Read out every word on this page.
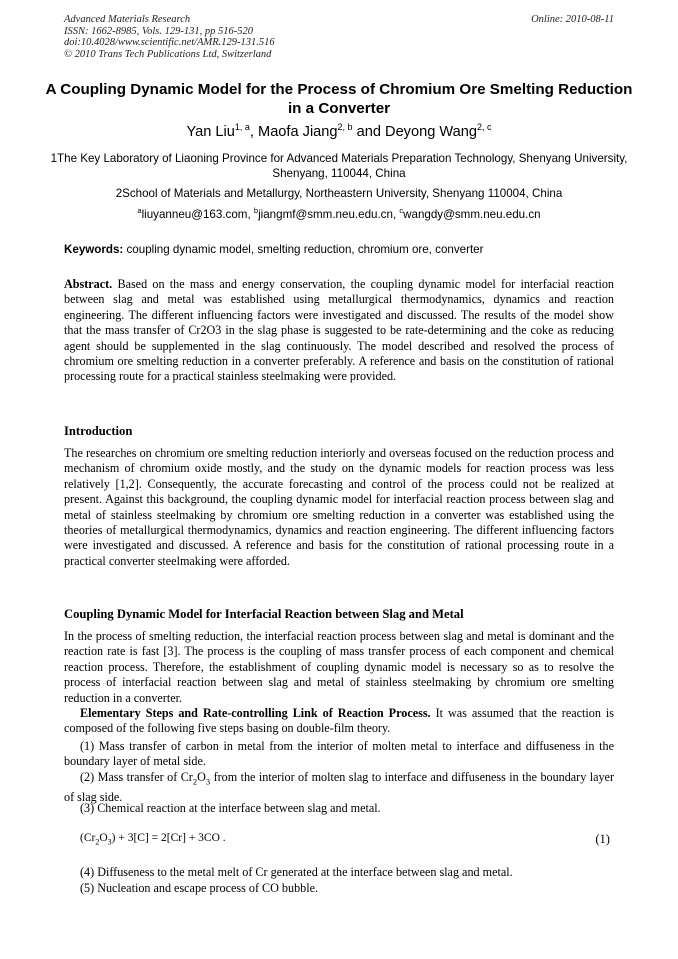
Advanced Materials Research
ISSN: 1662-8985, Vols. 129-131, pp 516-520
doi:10.4028/www.scientific.net/AMR.129-131.516
© 2010 Trans Tech Publications Ltd, Switzerland
Online: 2010-08-11
A Coupling Dynamic Model for the Process of Chromium Ore Smelting Reduction in a Converter
Yan Liu$^{1, a}$, Maofa Jiang$^{2, b}$ and Deyong Wang$^{2, c}$
1The Key Laboratory of Liaoning Province for Advanced Materials Preparation Technology, Shenyang University, Shenyang, 110044, China
2School of Materials and Metallurgy, Northeastern University, Shenyang 110004, China
$^a$liuyanneu@163.com, $^b$jiangmf@smm.neu.edu.cn, $^c$wangdy@smm.neu.edu.cn
Keywords: coupling dynamic model, smelting reduction, chromium ore, converter
Abstract. Based on the mass and energy conservation, the coupling dynamic model for interfacial reaction between slag and metal was established using metallurgical thermodynamics, dynamics and reaction engineering. The different influencing factors were investigated and discussed. The results of the model show that the mass transfer of Cr2O3 in the slag phase is suggested to be rate-determining and the coke as reducing agent should be supplemented in the slag continuously. The model described and resolved the process of chromium ore smelting reduction in a converter preferably. A reference and basis on the constitution of rational processing route for a practical stainless steelmaking were provided.
Introduction
The researches on chromium ore smelting reduction interiorly and overseas focused on the reduction process and mechanism of chromium oxide mostly, and the study on the dynamic models for reaction process was less relatively [1,2]. Consequently, the accurate forecasting and control of the process could not be realized at present. Against this background, the coupling dynamic model for interfacial reaction process between slag and metal of stainless steelmaking by chromium ore smelting reduction in a converter was established using the theories of metallurgical thermodynamics, dynamics and reaction engineering. The different influencing factors were investigated and discussed. A reference and basis for the constitution of rational processing route in a practical converter steelmaking were afforded.
Coupling Dynamic Model for Interfacial Reaction between Slag and Metal
In the process of smelting reduction, the interfacial reaction process between slag and metal is dominant and the reaction rate is fast [3]. The process is the coupling of mass transfer process of each component and chemical reaction process. Therefore, the establishment of coupling dynamic model is necessary so as to resolve the process of interfacial reaction between slag and metal of stainless steelmaking by chromium ore smelting reduction in a converter.
Elementary Steps and Rate-controlling Link of Reaction Process. It was assumed that the reaction is composed of the following five steps basing on double-film theory.
(1) Mass transfer of carbon in metal from the interior of molten metal to interface and diffuseness in the boundary layer of metal side.
(2) Mass transfer of $Cr_2O_3$ from the interior of molten slag to interface and diffuseness in the boundary layer of slag side.
(3) Chemical reaction at the interface between slag and metal.
$(Cr_2O_3) + 3[C] = 2[Cr] + 3CO$ .	(1)
(4) Diffuseness to the metal melt of Cr generated at the interface between slag and metal.
(5) Nucleation and escape process of CO bubble.
